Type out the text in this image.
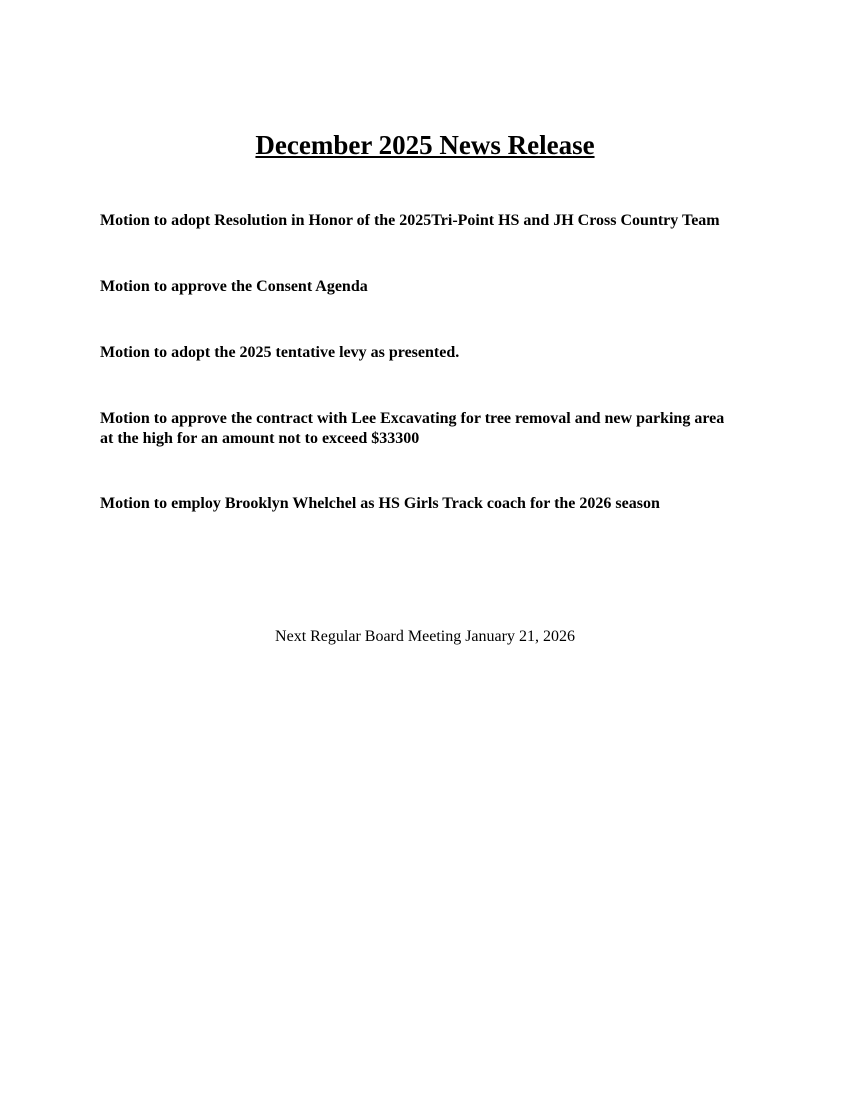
December 2025 News Release
Motion to adopt Resolution in Honor of the 2025Tri-Point HS and JH Cross Country Team
Motion to approve the Consent Agenda
Motion to adopt the 2025 tentative levy as presented.
Motion to approve the contract with Lee Excavating for tree removal and new parking area at the high for an amount not to exceed $33300
Motion to employ Brooklyn Whelchel as HS Girls Track coach for the 2026 season
Next Regular Board Meeting January 21, 2026
